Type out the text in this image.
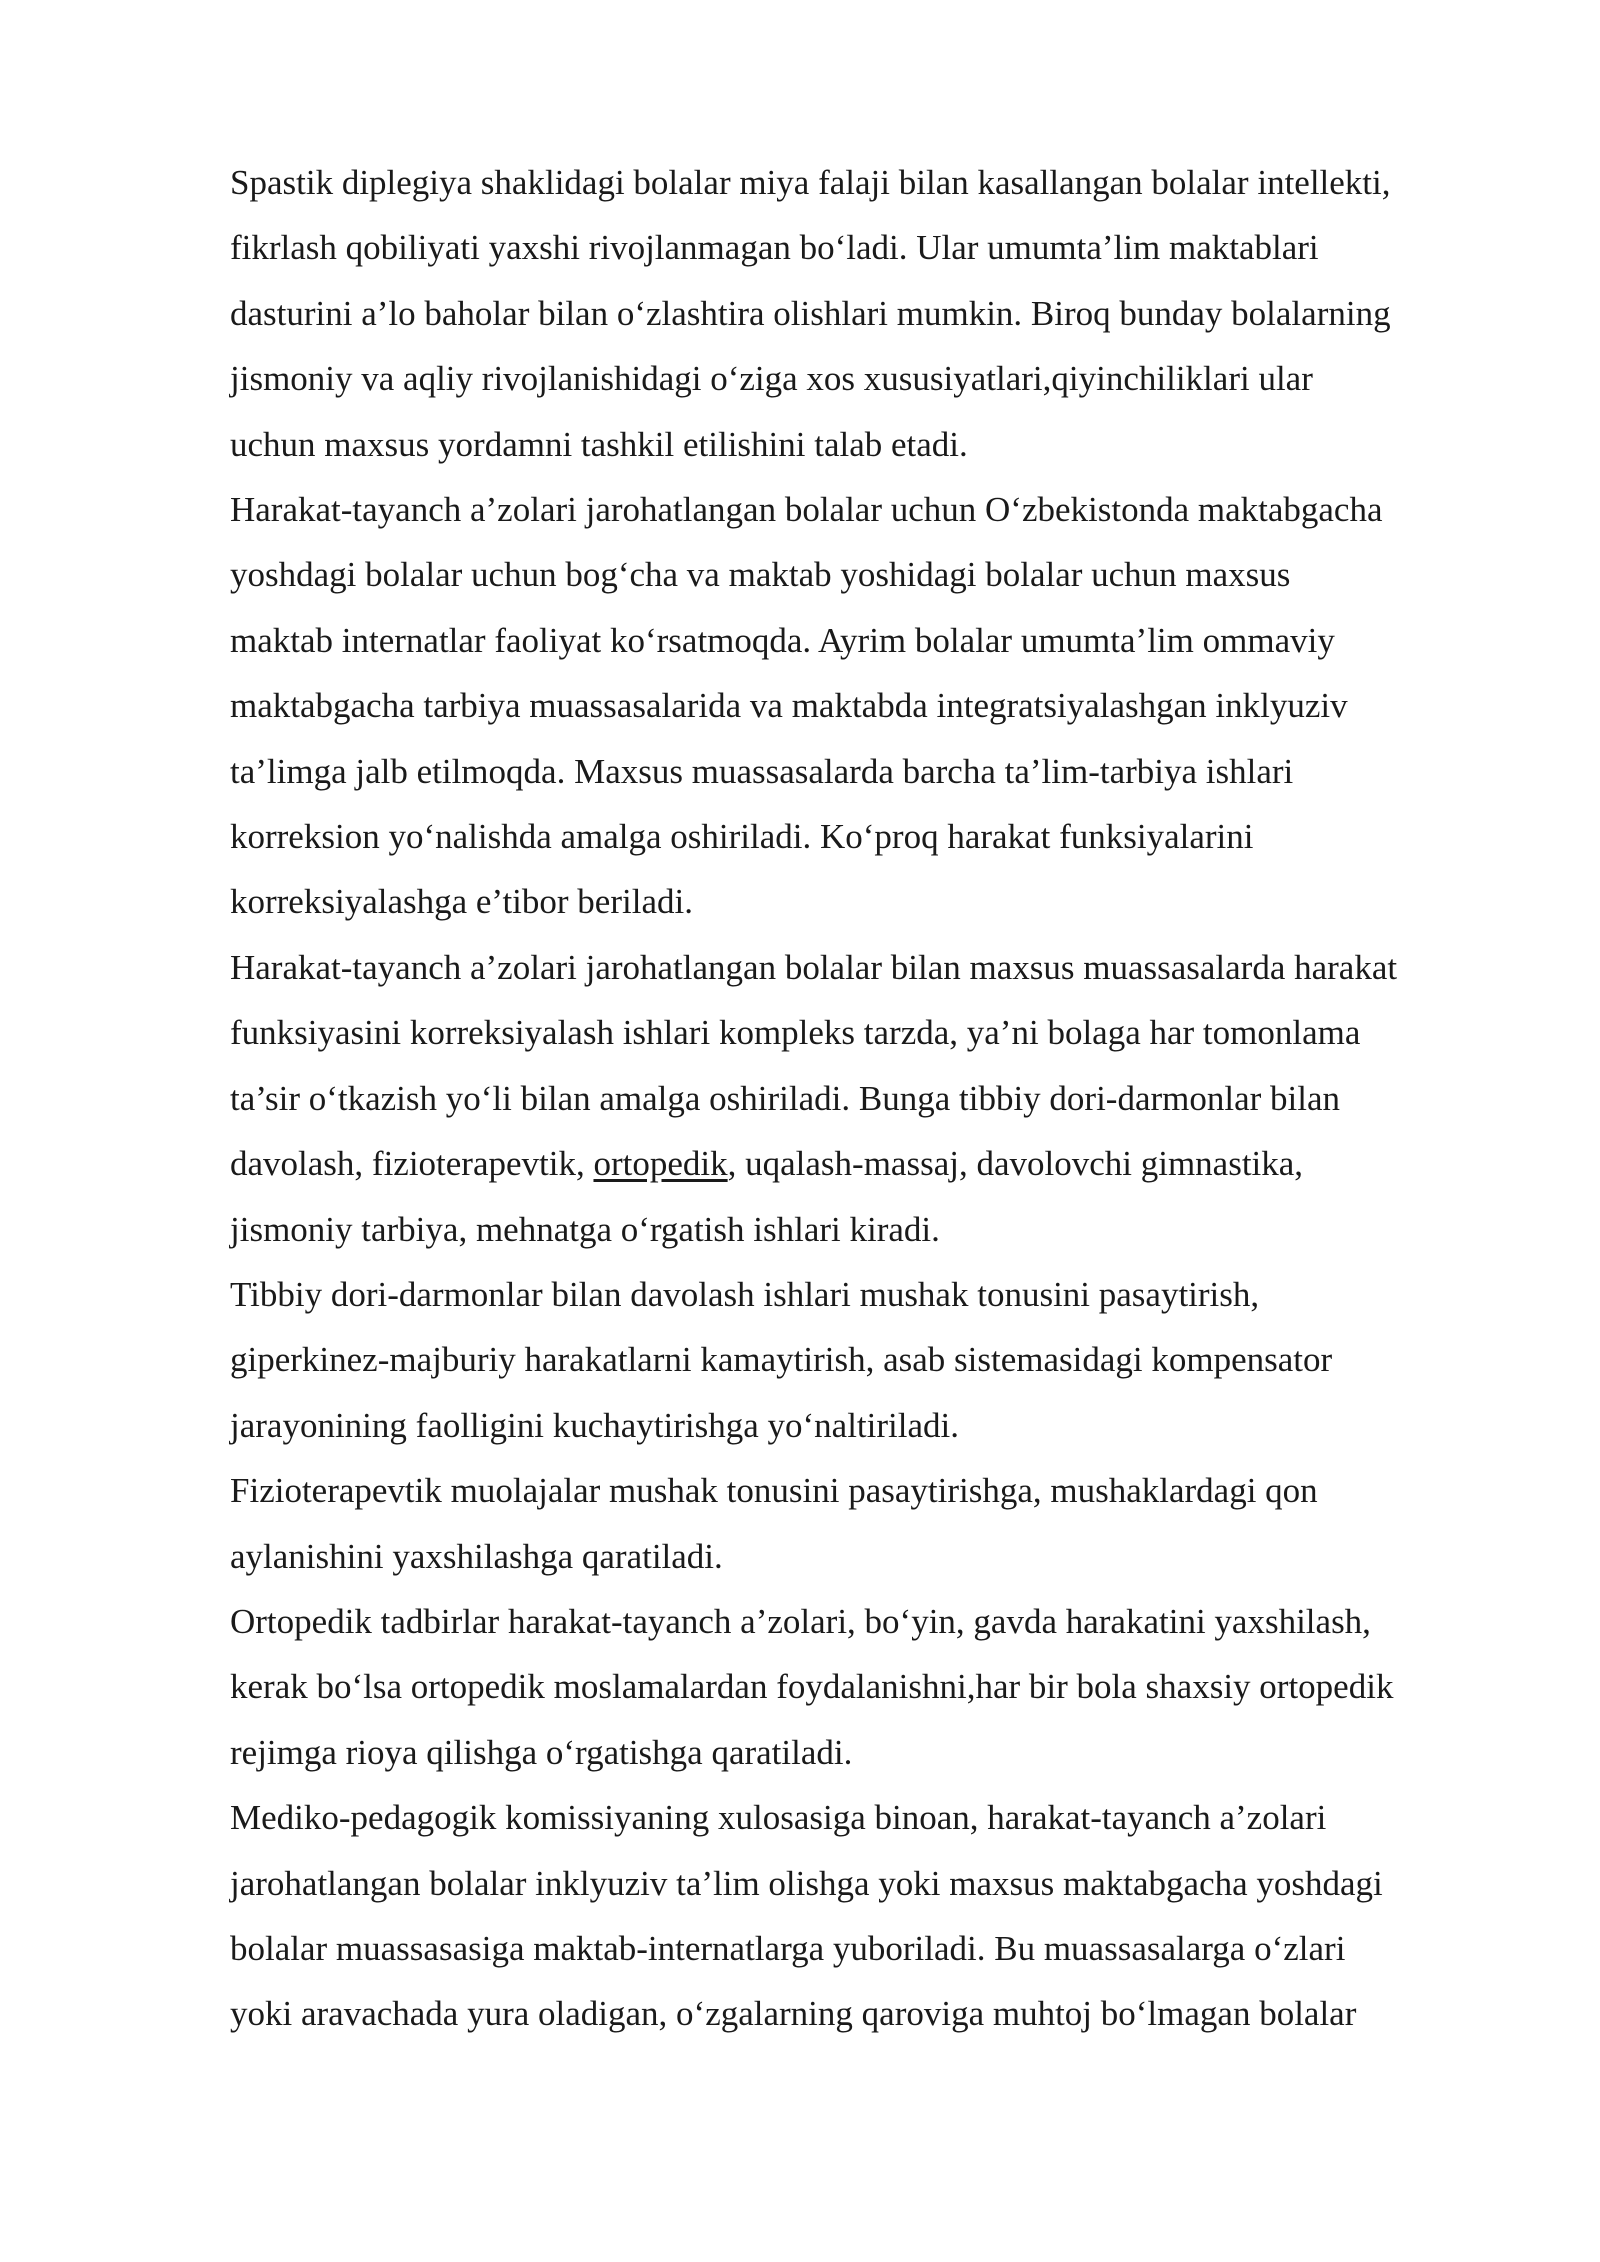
Spastik diplegiya shaklidagi bolalar miya falaji bilan kasallangan bolalar intellekti,
fikrlash qobiliyati yaxshi rivojlanmagan boʻladi. Ular umumta’lim maktablari
dasturini a’lo baholar bilan oʻzlashtira olishlari mumkin. Biroq bunday bolalarning
jismoniy va aqliy rivojlanishidagi oʻziga xos xususiyatlari,qiyinchiliklari ular
uchun maxsus yordamni tashkil etilishini talab etadi.
Harakat-tayanch a’zolari jarohatlangan bolalar uchun Oʻzbekistonda maktabgacha
yoshdagi bolalar uchun bogʻcha va maktab yoshidagi bolalar uchun maxsus
maktab internatlar faoliyat koʻrsatmoqda. Ayrim bolalar umumta’lim ommaviy
maktabgacha tarbiya muassasalarida va maktabda integratsiyalashgan inklyuziv
ta’limga jalb etilmoqda. Maxsus muassasalarda barcha ta’lim-tarbiya ishlari
korreksion yoʻnalishda amalga oshiriladi. Koʻproq harakat funksiyalarini
korreksiyalashga e’tibor beriladi.
Harakat-tayanch a’zolari jarohatlangan bolalar bilan maxsus muassasalarda harakat
funksiyasini korreksiyalash ishlari kompleks tarzda, ya’ni bolaga har tomonlama
ta’sir oʻtkazish yoʻli bilan amalga oshiriladi. Bunga tibbiy dori-darmonlar bilan
davolash, fizioterapevtik, ortopedik, uqalash-massaj, davolovchi gimnastika,
jismoniy tarbiya, mehnatga oʻrgatish ishlari kiradi.
Tibbiy dori-darmonlar bilan davolash ishlari mushak tonusini pasaytirish,
giperkinez-majburiy harakatlarni kamaytirish, asab sistemasidagi kompensator
jarayonining faolligini kuchaytirishga yoʻnaltiriladi.
Fizioterapevtik muolajalar mushak tonusini pasaytirishga, mushaklardagi qon
aylanishini yaxshilashga qaratiladi.
Ortopedik tadbirlar harakat-tayanch a’zolari, boʻyin, gavda harakatini yaxshilash,
kerak boʻlsa ortopedik moslamalardan foydalanishni,har bir bola shaxsiy ortopedik
rejimga rioya qilishga oʻrgatishga qaratiladi.
Mediko-pedagogik komissiyaning xulosasiga binoan, harakat-tayanch a’zolari
jarohatlangan bolalar inklyuziv ta’lim olishga yoki maxsus maktabgacha yoshdagi
bolalar muassasasiga maktab-internatlarga yuboriladi. Bu muassasalarga oʻzlari
yoki aravachada yura oladigan, oʻzgalarning qaroviga muhtoj boʻlmagan bolalar
